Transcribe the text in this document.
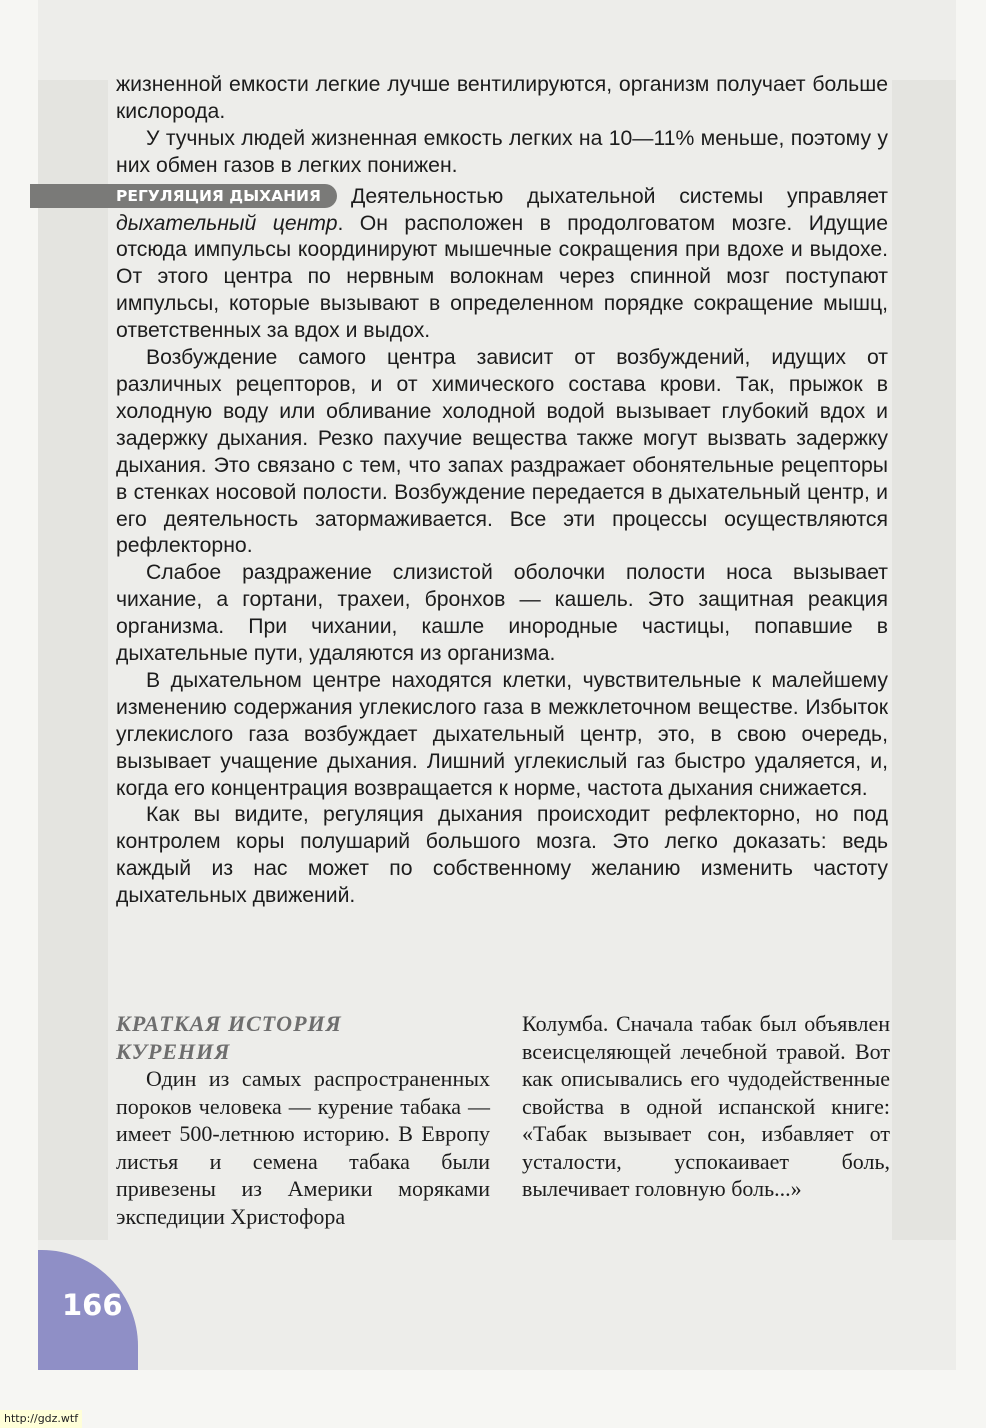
жизненной емкости легкие лучше вентилируются, организм получает больше кислорода.

У тучных людей жизненная емкость легких на 10—11% меньше, поэтому у них обмен газов в легких понижен.

РЕГУЛЯЦИЯ ДЫХАНИЯ Деятельностью дыхательной системы управляет дыхательный центр. Он расположен в продолговатом мозге. Идущие отсюда импульсы координируют мышечные сокращения при вдохе и выдохе. От этого центра по нервным волокнам через спинной мозг поступают импульсы, которые вызывают в определенном порядке сокращение мышц, ответственных за вдох и выдох.

Возбуждение самого центра зависит от возбуждений, идущих от различных рецепторов, и от химического состава крови. Так, прыжок в холодную воду или обливание холодной водой вызывает глубокий вдох и задержку дыхания. Резко пахучие вещества также могут вызвать задержку дыхания. Это связано с тем, что запах раздражает обонятельные рецепторы в стенках носовой полости. Возбуждение передается в дыхательный центр, и его деятельность затормаживается. Все эти процессы осуществляются рефлекторно.

Слабое раздражение слизистой оболочки полости носа вызывает чихание, а гортани, трахеи, бронхов — кашель. Это защитная реакция организма. При чихании, кашле инородные частицы, попавшие в дыхательные пути, удаляются из организма.

В дыхательном центре находятся клетки, чувствительные к малейшему изменению содержания углекислого газа в межклеточном веществе. Избыток углекислого газа возбуждает дыхательный центр, это, в свою очередь, вызывает учащение дыхания. Лишний углекислый газ быстро удаляется, и, когда его концентрация возвращается к норме, частота дыхания снижается.

Как вы видите, регуляция дыхания происходит рефлекторно, но под контролем коры полушарий большого мозга. Это легко доказать: ведь каждый из нас может по собственному желанию изменить частоту дыхательных движений.

КРАТКАЯ ИСТОРИЯ
КУРЕНИЯ

Один из самых распространенных пороков человека — курение табака — имеет 500-летнюю историю. В Европу листья и семена табака были привезены из Америки моряками экспедиции Христофора

Колумба. Сначала табак был объявлен всеисцеляющей лечебной травой. Вот как описывались его чудодейственные свойства в одной испанской книге: «Табак вызывает сон, избавляет от усталости, успокаивает боль, вылечивает головную боль...»

166
http://gdz.wtf
